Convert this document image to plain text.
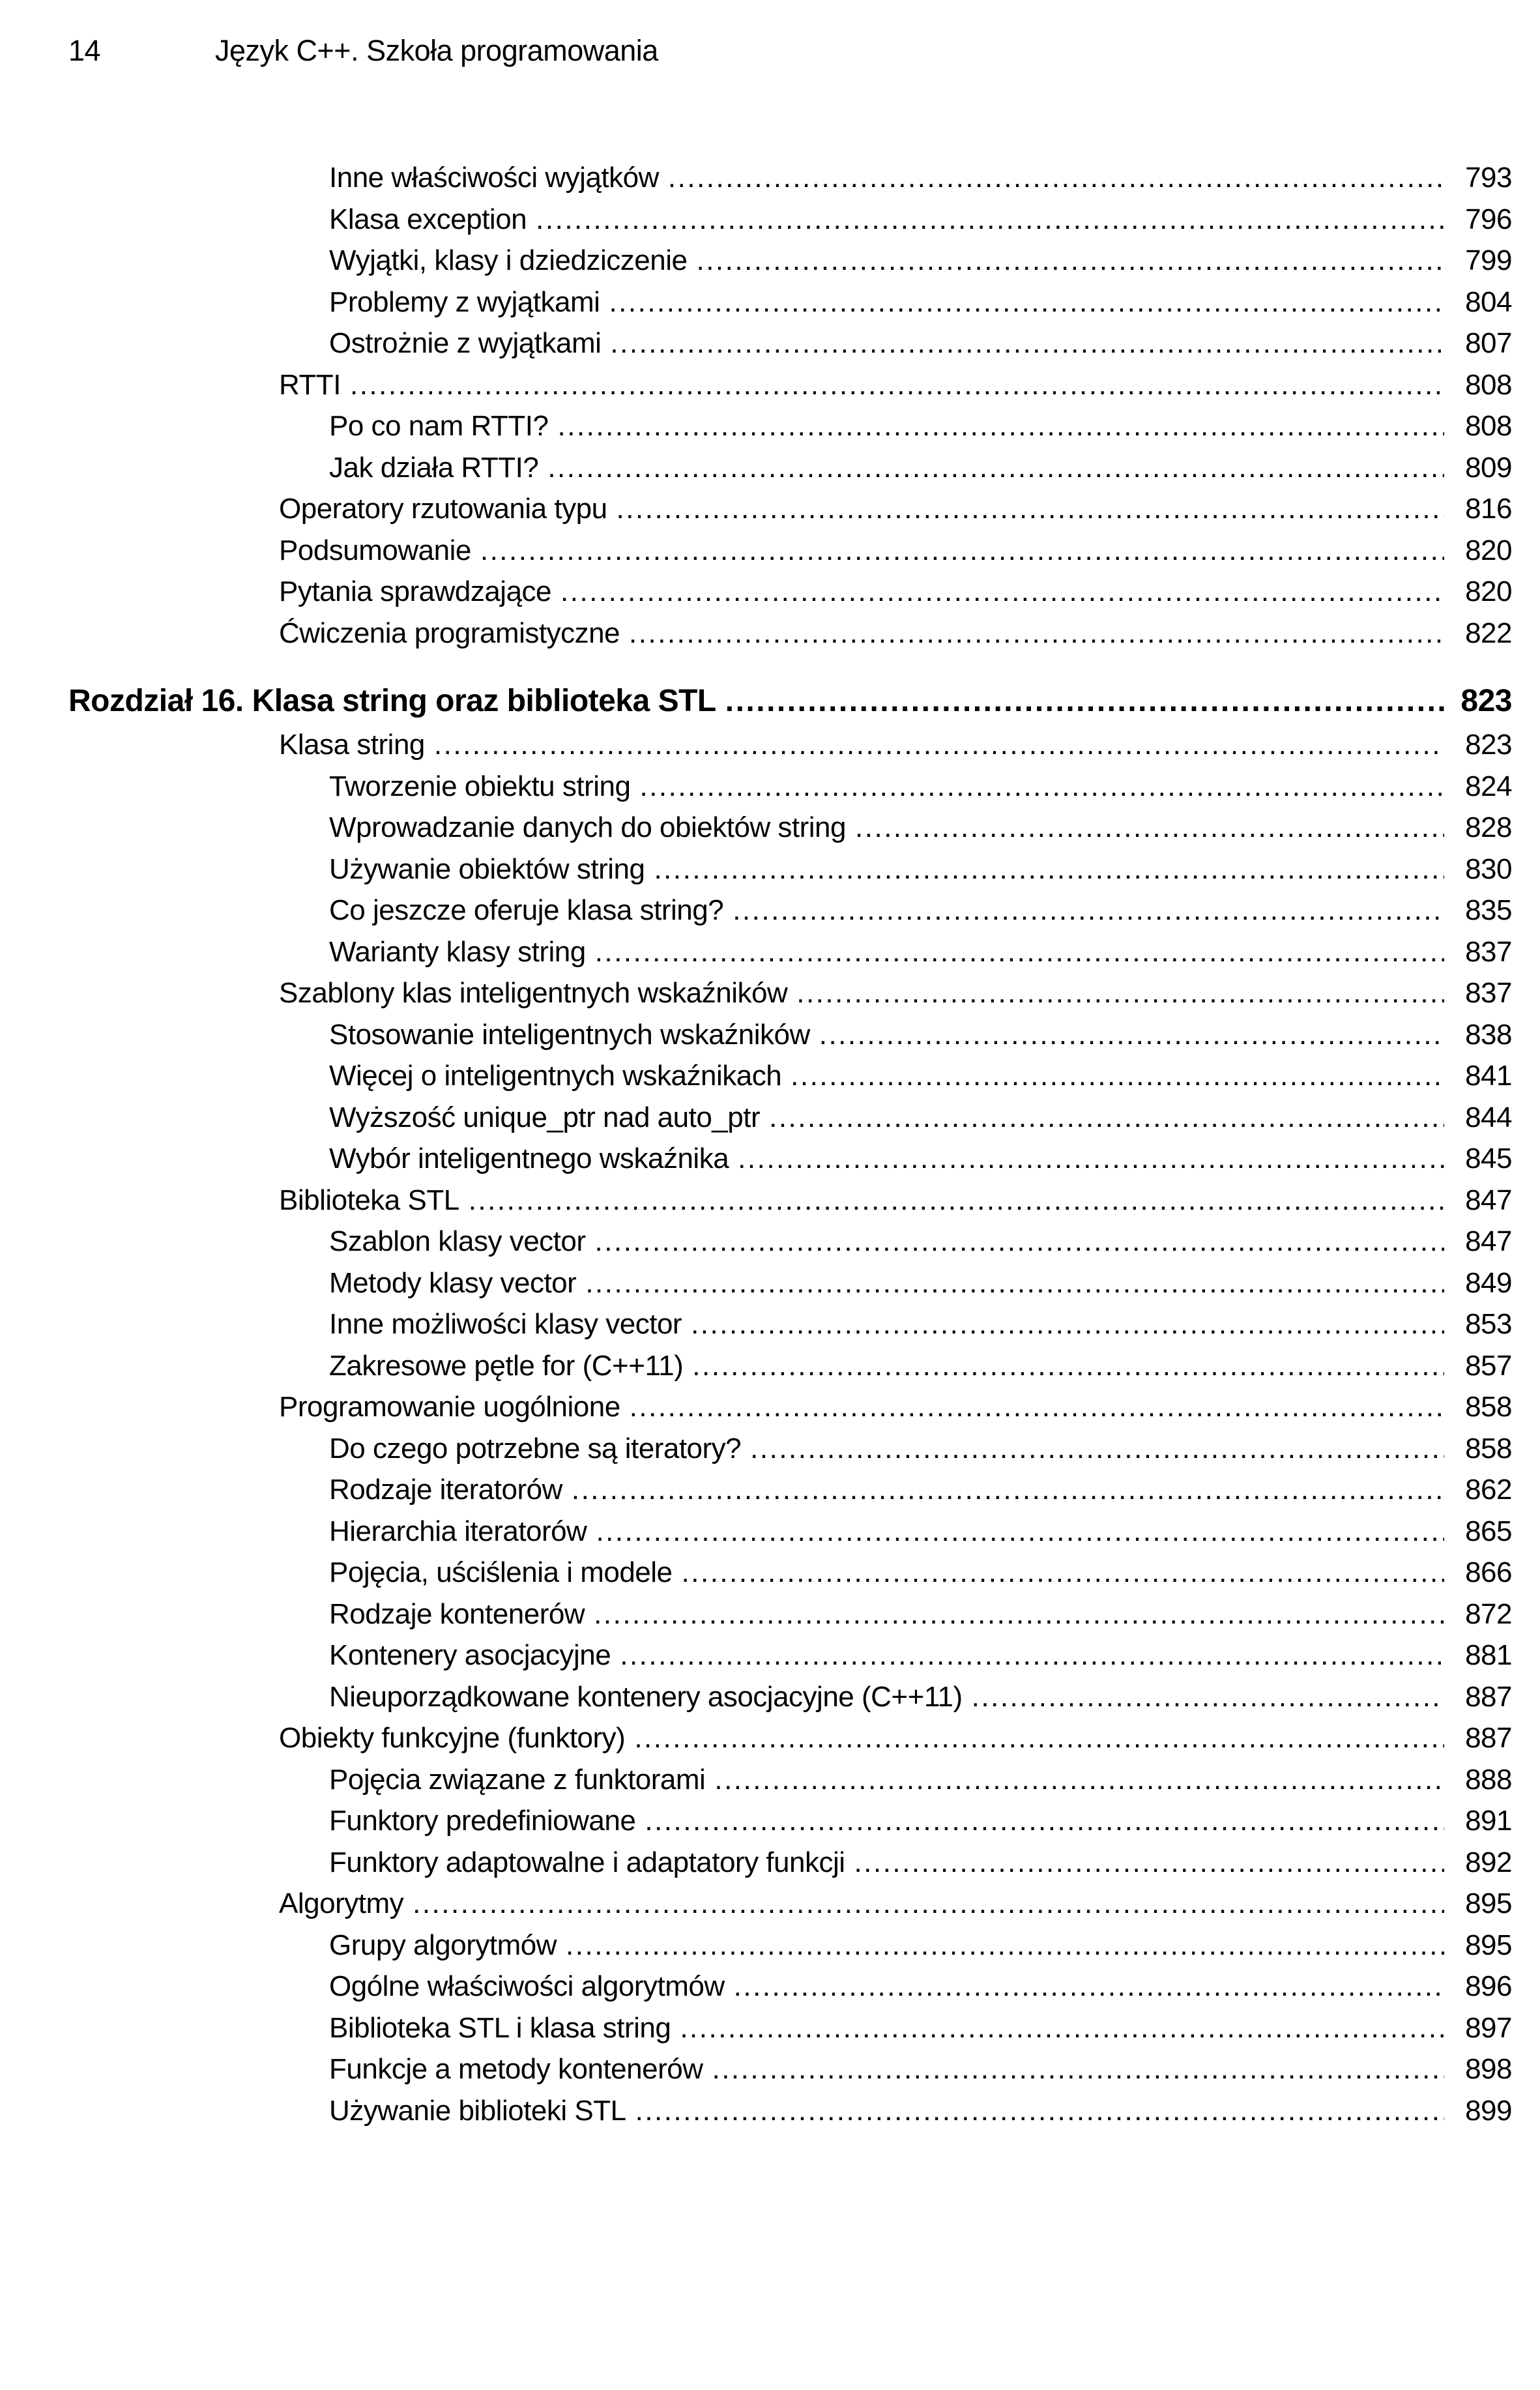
14	Język C++. Szkoła programowania
Inne właściwości wyjątków .....	793
Klasa exception .....	796
Wyjątki, klasy i dziedziczenie .....	799
Problemy z wyjątkami .....	804
Ostrożnie z wyjątkami .....	807
RTTI .....	808
Po co nam RTTI? .....	808
Jak działa RTTI? .....	809
Operatory rzutowania typu .....	816
Podsumowanie .....	820
Pytania sprawdzające .....	820
Ćwiczenia programistyczne .....	822
Rozdział 16. Klasa string oraz biblioteka STL .....	823
Klasa string .....	823
Tworzenie obiektu string .....	824
Wprowadzanie danych do obiektów string .....	828
Używanie obiektów string .....	830
Co jeszcze oferuje klasa string? .....	835
Warianty klasy string .....	837
Szablony klas inteligentnych wskaźników .....	837
Stosowanie inteligentnych wskaźników .....	838
Więcej o inteligentnych wskaźnikach .....	841
Wyższość unique_ptr nad auto_ptr .....	844
Wybór inteligentnego wskaźnika .....	845
Biblioteka STL .....	847
Szablon klasy vector .....	847
Metody klasy vector .....	849
Inne możliwości klasy vector .....	853
Zakresowe pętle for (C++11) .....	857
Programowanie uogólnione .....	858
Do czego potrzebne są iteratory? .....	858
Rodzaje iteratorów .....	862
Hierarchia iteratorów .....	865
Pojęcia, uściślenia i modele .....	866
Rodzaje kontenerów .....	872
Kontenery asocjacyjne .....	881
Nieuporządkowane kontenery asocjacyjne (C++11) .....	887
Obiekty funkcyjne (funktory) .....	887
Pojęcia związane z funktorami .....	888
Funktory predefiniowane .....	891
Funktory adaptowalne i adaptatory funkcji .....	892
Algorytmy .....	895
Grupy algorytmów .....	895
Ogólne właściwości algorytmów .....	896
Biblioteka STL i klasa string .....	897
Funkcje a metody kontenerów .....	898
Używanie biblioteki STL .....	899
